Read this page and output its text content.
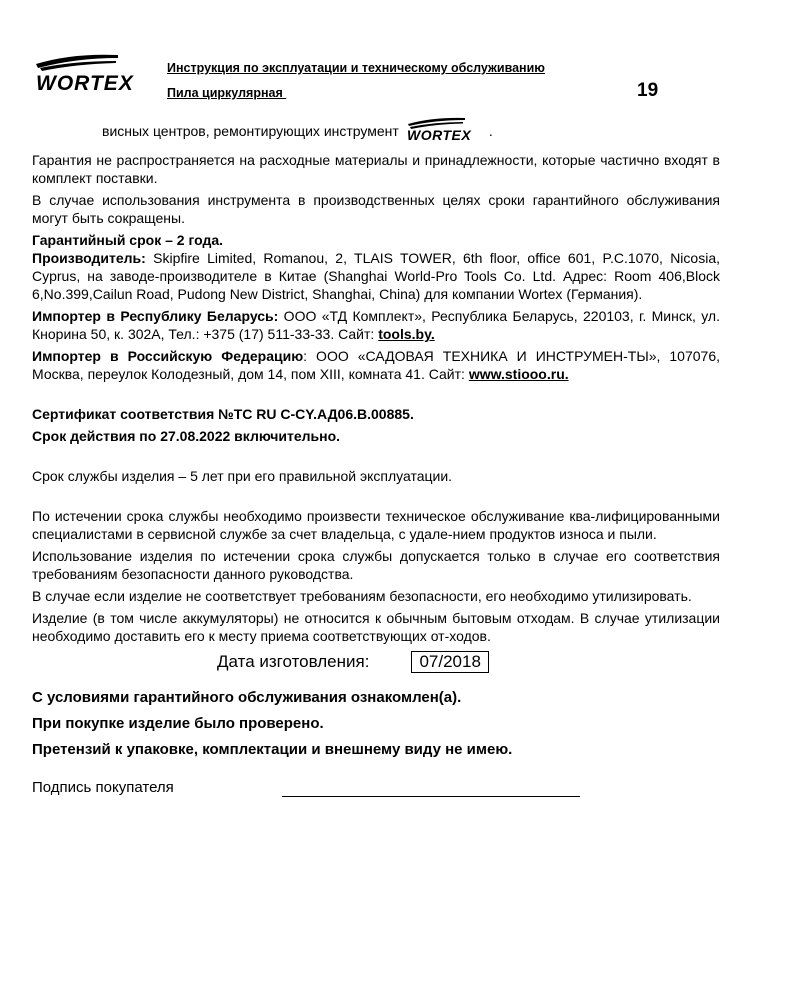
WORTEX
Инструкция по эксплуатации и техническому обслуживанию
Пила циркулярная	19
висных центров, ремонтирующих инструмент WORTEX .

Гарантия не распространяется на расходные материалы и принадлежности, которые частично входят в комплект поставки.

В случае использования инструмента в производственных целях сроки гарантийного обслуживания могут быть сокращены.

Гарантийный срок – 2 года.

Производитель: Skipfire Limited, Romanou, 2, TLAIS TOWER, 6th floor, office 601, P.C.1070, Nicosia, Cyprus, на заводе-производителе в Китае (Shanghai World-Pro Tools Co. Ltd. Адрес: Room 406,Block 6,No.399,Cailun Road, Pudong New District, Shanghai, China) для компании Wortex (Германия).

Импортер в Республику Беларусь: ООО «ТД Комплект», Республика Беларусь, 220103, г. Минск, ул. Кнорина 50, к. 302А, Тел.: +375 (17) 511-33-33. Сайт: tools.by.

Импортер в Российскую Федерацию: ООО «САДОВАЯ ТЕХНИКА И ИНСТРУМЕН-ТЫ», 107076, Москва, переулок Колодезный, дом 14, пом XIII, комната 41. Сайт: www.stiooo.ru.

Сертификат соответствия №ТС RU C-CY.АД06.В.00885.

Срок действия по 27.08.2022 включительно.

Срок службы изделия – 5 лет при его правильной эксплуатации.

По истечении срока службы необходимо произвести техническое обслуживание ква-лифицированными специалистами в сервисной службе за счет владельца, с удале-нием продуктов износа и пыли.

Использование изделия по истечении срока службы допускается только в случае его соответствия требованиям безопасности данного руководства.

В случае если изделие не соответствует требованиям безопасности, его необходимо утилизировать.

Изделие (в том числе аккумуляторы) не относится к обычным бытовым отходам. В случае утилизации необходимо доставить его к месту приема соответствующих от-ходов.

Дата изготовления:	07/2018

С условиями гарантийного обслуживания ознакомлен(а).

При покупке изделие было проверено.

Претензий к упаковке, комплектации и внешнему виду не имею.

Подпись покупателя
